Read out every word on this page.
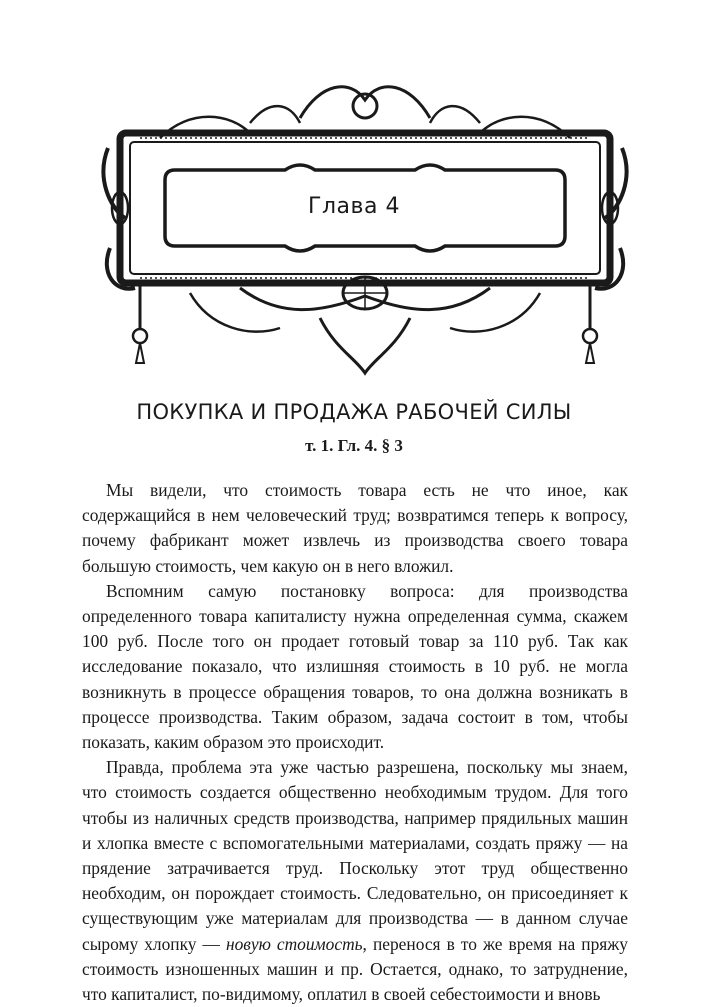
Глава 4
ПОКУПКА И ПРОДАЖА РАБОЧЕЙ СИЛЫ
т. 1. Гл. 4. § 3

Мы видели, что стоимость товара есть не что иное, как содержащийся в нем человеческий труд; возвратимся теперь к вопросу, почему фабрикант может извлечь из производства своего товара большую стоимость, чем какую он в него вложил.

Вспомним самую постановку вопроса: для производства определенного товара капиталисту нужна определенная сумма, скажем 100 руб. После того он продает готовый товар за 110 руб. Так как исследование показало, что излишняя стоимость в 10 руб. не могла возникнуть в процессе обращения товаров, то она должна возникать в процессе производства. Таким образом, задача состоит в том, чтобы показать, каким образом это происходит.

Правда, проблема эта уже частью разрешена, поскольку мы знаем, что стоимость создается общественно необходимым трудом. Для того чтобы из наличных средств производства, например прядильных машин и хлопка вместе с вспомогательными материалами, создать пряжу — на прядение затрачивается труд. Поскольку этот труд общественно необходим, он порождает стоимость. Следовательно, он присоединяет к существующим уже материалам для производства — в данном случае сырому хлопку — новую стоимость, перенося в то же время на пряжу стоимость изношенных машин и пр. Остается, однако, то затруднение, что капиталист, по-видимому, оплатил в своей себестоимости и вновь
